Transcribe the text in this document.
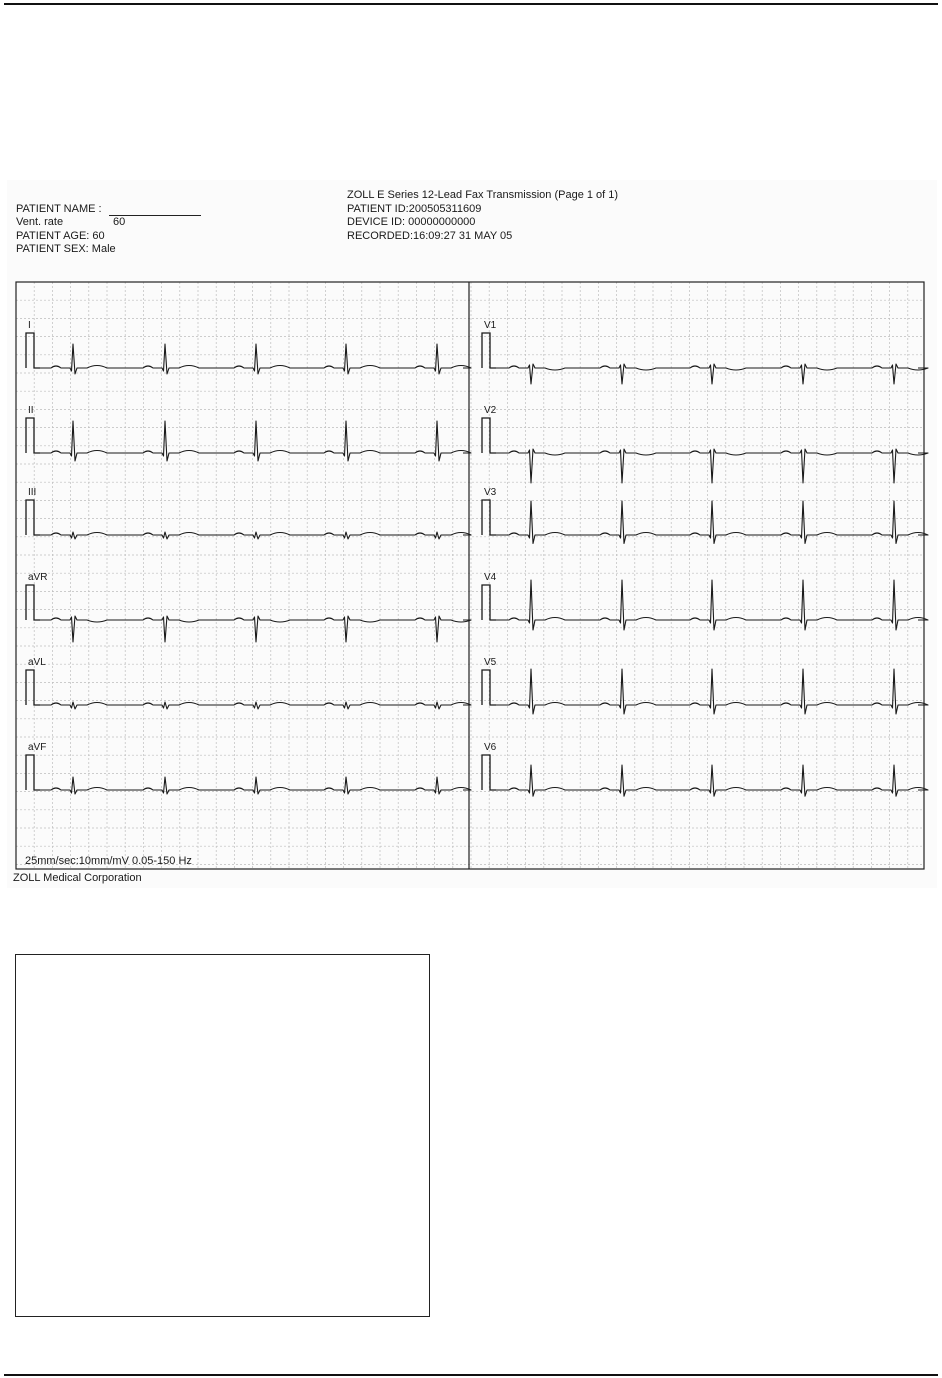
PATIENT NAME :
Vent. rate	60
PATIENT AGE: 60
PATIENT SEX: Male
ZOLL E Series 12-Lead Fax Transmission (Page 1 of 1)
PATIENT ID:200505311609
DEVICE ID: 00000000000
RECORDED:16:09:27 31 MAY 05
I
II
III
aVR
aVL
aVF
V1
V2
V3
V4
V5
V6
25mm/sec:10mm/mV 0.05-150 Hz
ZOLL Medical Corporation
